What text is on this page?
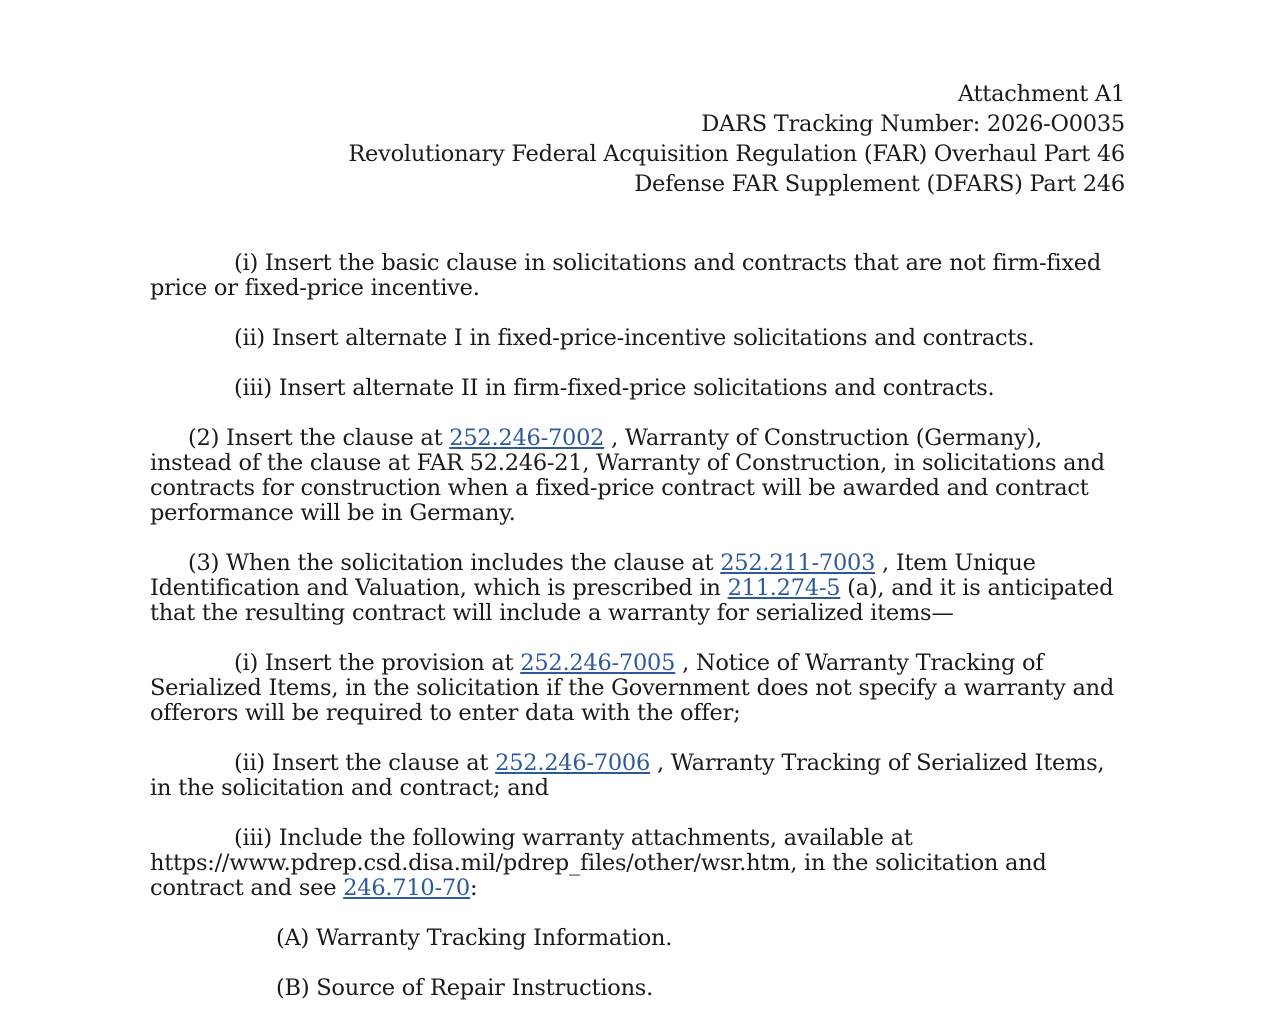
Attachment A1
DARS Tracking Number: 2026-O0035
Revolutionary Federal Acquisition Regulation (FAR) Overhaul Part 46
Defense FAR Supplement (DFARS) Part 246

(i) Insert the basic clause in solicitations and contracts that are not firm-fixed price or fixed-price incentive.

(ii) Insert alternate I in fixed-price-incentive solicitations and contracts.

(iii) Insert alternate II in firm-fixed-price solicitations and contracts.

(2) Insert the clause at 252.246-7002 , Warranty of Construction (Germany), instead of the clause at FAR 52.246-21, Warranty of Construction, in solicitations and contracts for construction when a fixed-price contract will be awarded and contract performance will be in Germany.

(3) When the solicitation includes the clause at 252.211-7003 , Item Unique Identification and Valuation, which is prescribed in 211.274-5 (a), and it is anticipated that the resulting contract will include a warranty for serialized items—

(i) Insert the provision at 252.246-7005 , Notice of Warranty Tracking of Serialized Items, in the solicitation if the Government does not specify a warranty and offerors will be required to enter data with the offer;

(ii) Insert the clause at 252.246-7006 , Warranty Tracking of Serialized Items, in the solicitation and contract; and

(iii) Include the following warranty attachments, available at https://www.pdrep.csd.disa.mil/pdrep_files/other/wsr.htm, in the solicitation and contract and see 246.710-70:

(A) Warranty Tracking Information.

(B) Source of Repair Instructions.
